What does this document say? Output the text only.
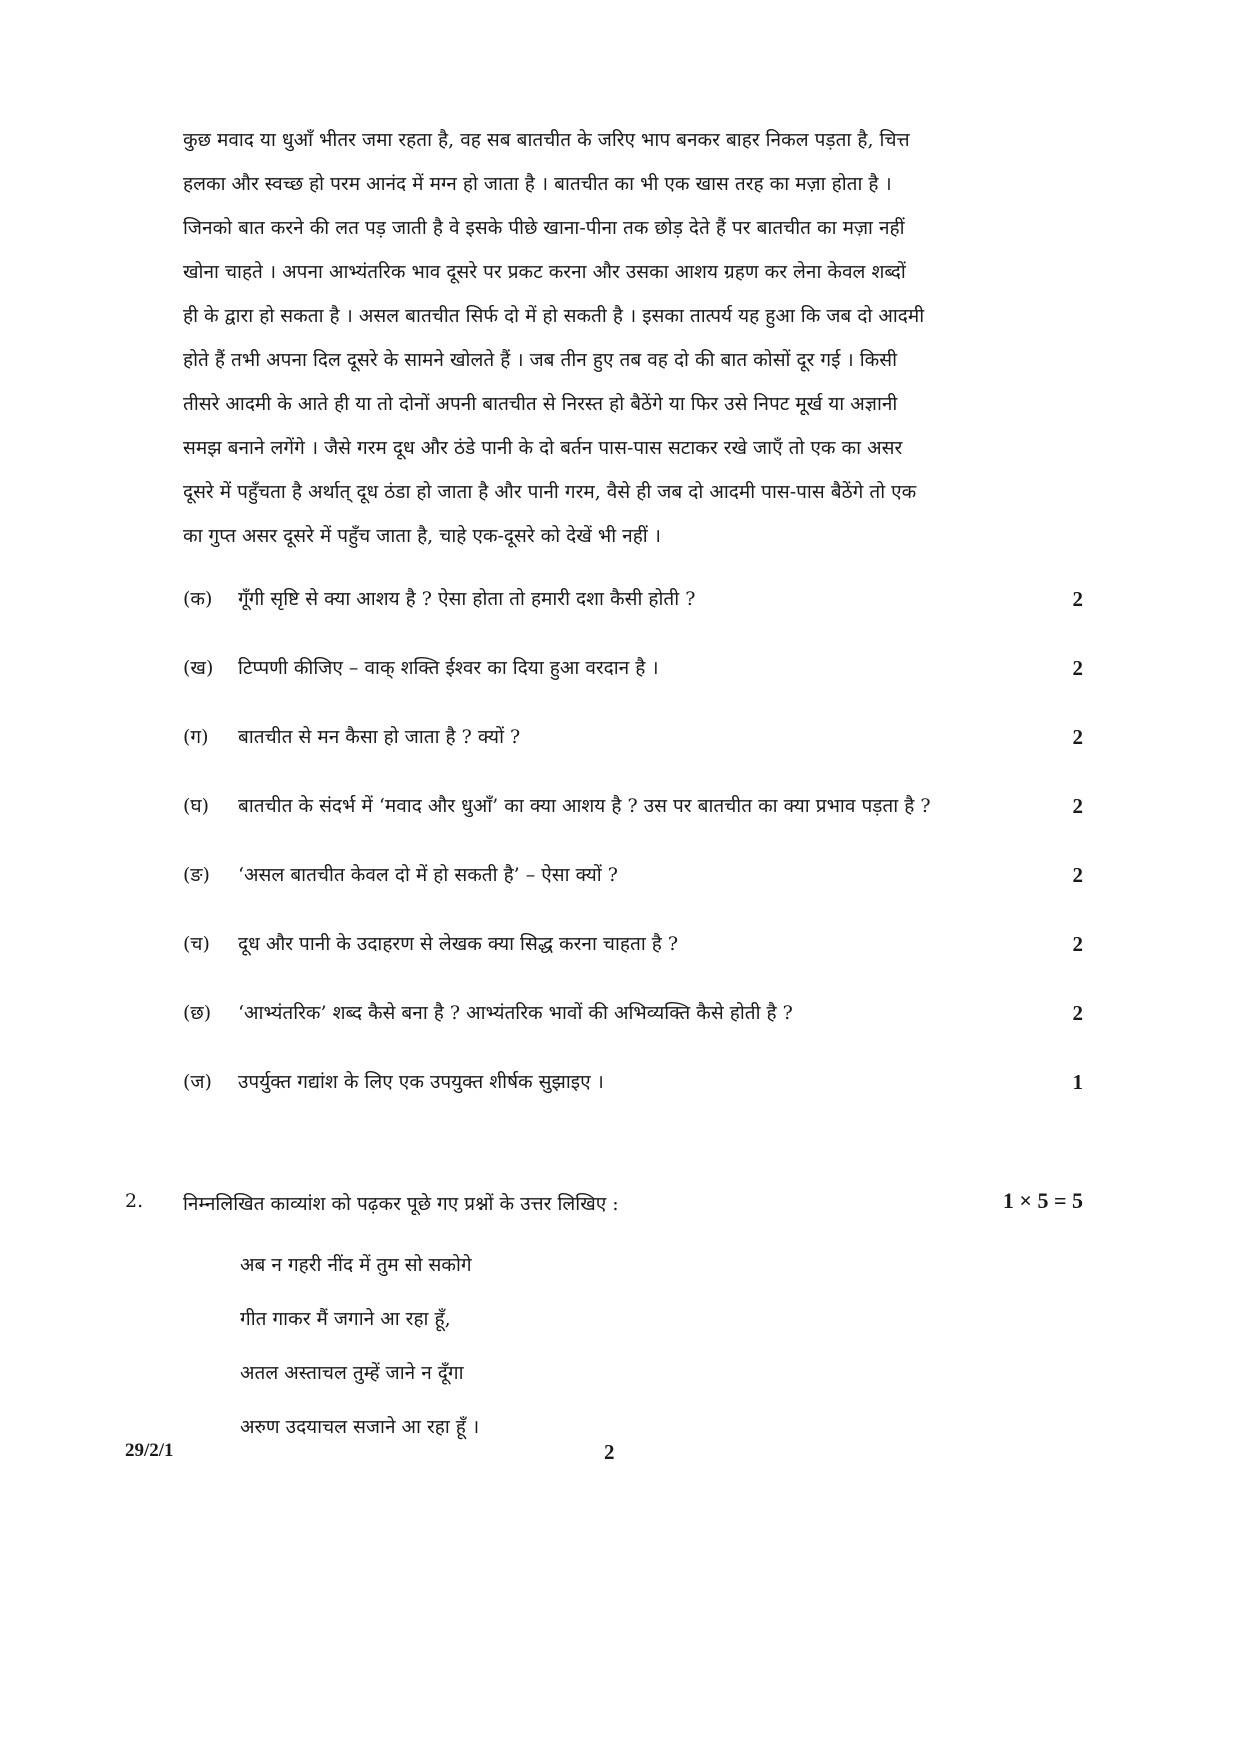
कुछ मवाद या धुआँ भीतर जमा रहता है, वह सब बातचीत के जरिए भाप बनकर बाहर निकल पड़ता है, चित्त
हलका और स्वच्छ हो परम आनंद में मग्न हो जाता है । बातचीत का भी एक खास तरह का मज़ा होता है ।
जिनको बात करने की लत पड़ जाती है वे इसके पीछे खाना-पीना तक छोड़ देते हैं पर बातचीत का मज़ा नहीं
खोना चाहते । अपना आभ्यंतरिक भाव दूसरे पर प्रकट करना और उसका आशय ग्रहण कर लेना केवल शब्दों
ही के द्वारा हो सकता है । असल बातचीत सिर्फ दो में हो सकती है । इसका तात्पर्य यह हुआ कि जब दो आदमी
होते हैं तभी अपना दिल दूसरे के सामने खोलते हैं । जब तीन हुए तब वह दो की बात कोसों दूर गई । किसी
तीसरे आदमी के आते ही या तो दोनों अपनी बातचीत से निरस्त हो बैठेंगे या फिर उसे निपट मूर्ख या अज्ञानी
समझ बनाने लगेंगे । जैसे गरम दूध और ठंडे पानी के दो बर्तन पास-पास सटाकर रखे जाएँ तो एक का असर
दूसरे में पहुँचता है अर्थात् दूध ठंडा हो जाता है और पानी गरम, वैसे ही जब दो आदमी पास-पास बैठेंगे तो एक
का गुप्त असर दूसरे में पहुँच जाता है, चाहे एक-दूसरे को देखें भी नहीं ।
(क)	गूँगी सृष्टि से क्या आशय है ? ऐसा होता तो हमारी दशा कैसी होती ?	2
(ख)	टिप्पणी कीजिए – वाक् शक्ति ईश्वर का दिया हुआ वरदान है ।	2
(ग)	बातचीत से मन कैसा हो जाता है ? क्यों ?	2
(घ)	बातचीत के संदर्भ में ‘मवाद और धुआँ’ का क्या आशय है ? उस पर बातचीत का क्या प्रभाव पड़ता है ?	2
(ङ)	‘असल बातचीत केवल दो में हो सकती है’ – ऐसा क्यों ?	2
(च)	दूध और पानी के उदाहरण से लेखक क्या सिद्ध करना चाहता है ?	2
(छ)	‘आभ्यंतरिक’ शब्द कैसे बना है ? आभ्यंतरिक भावों की अभिव्यक्ति कैसे होती है ?	2
(ज)	उपर्युक्त गद्यांश के लिए एक उपयुक्त शीर्षक सुझाइए ।	1
2. निम्नलिखित काव्यांश को पढ़कर पूछे गए प्रश्नों के उत्तर लिखिए :	1 × 5 = 5
अब न गहरी नींद में तुम सो सकोगे
गीत गाकर मैं जगाने आ रहा हूँ,
अतल अस्ताचल तुम्हें जाने न दूँगा
अरुण उदयाचल सजाने आ रहा हूँ ।
29/2/1	2
